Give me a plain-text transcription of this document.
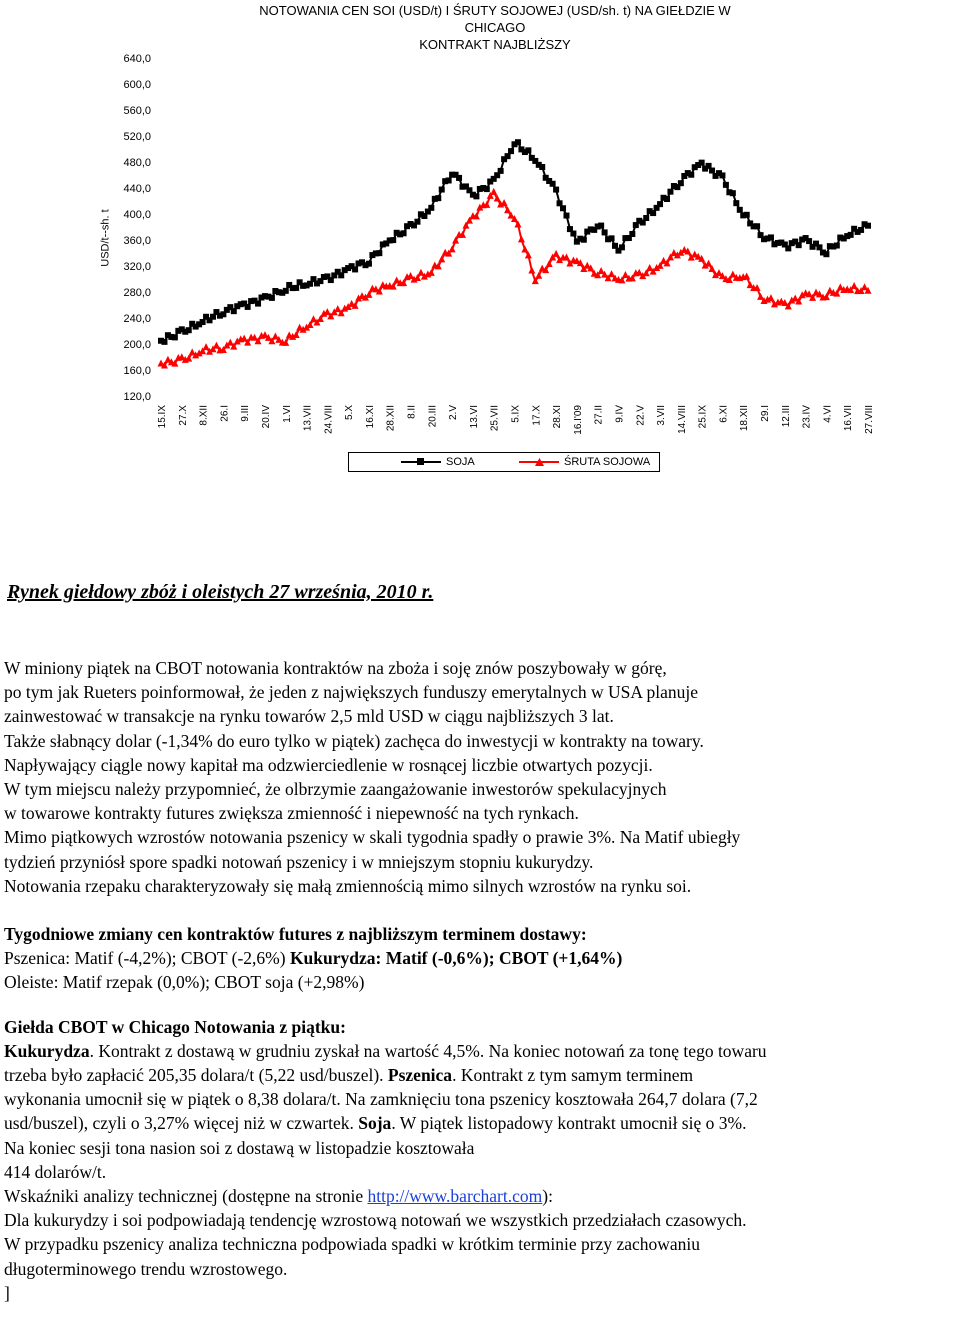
NOTOWANIA CEN SOI (USD/t) I ŚRUTY SOJOWEJ (USD/sh. t) NA GIEŁDZIE W
CHICAGO
KONTRAKT NAJBLIŻSZY
USD/t--sh. t
640,0
600,0
560,0
520,0
480,0
440,0
400,0
360,0
320,0
280,0
240,0
200,0
160,0
120,0
15.IX 27.X 8.XII 26.I 9.III 20.IV 1.VI 13.VII 24.VIII 5.X 16.XI 28.XII 8.II 20.III 2.V 13.VI 25.VII 5.IX 17.X 28.XI 16.I'09 27.II 9.IV 22.V 3.VII 14.VIII 25.IX 6.XI 18.XII 29.I 12.III 23.IV 4.VI 16.VII 27.VIII
SOJA	ŚRUTA SOJOWA
Rynek giełdowy zbóż i oleistych 27 września, 2010 r.

W miniony piątek na CBOT notowania kontraktów na zboża i soję znów poszybowały w górę,

po tym jak Rueters poinformował, że jeden z największych funduszy emerytalnych w USA planuje

zainwestować w transakcje na rynku towarów 2,5 mld USD w ciągu najbliższych 3 lat.

Także słabnący dolar (-1,34% do euro tylko w piątek) zachęca do inwestycji w kontrakty na towary.

Napływający ciągle nowy kapitał ma odzwierciedlenie w rosnącej liczbie otwartych pozycji.

W tym miejscu należy przypomnieć, że olbrzymie zaangażowanie inwestorów spekulacyjnych

w towarowe kontrakty futures zwiększa zmienność i niepewność na tych rynkach.

Mimo piątkowych wzrostów notowania pszenicy w skali tygodnia spadły o prawie 3%. Na Matif ubiegły

tydzień przyniósł spore spadki notowań pszenicy i w mniejszym stopniu kukurydzy.

Notowania rzepaku charakteryzowały się małą zmiennością mimo silnych wzrostów na rynku soi.

Tygodniowe zmiany cen kontraktów futures z najbliższym terminem dostawy:

Pszenica: Matif (-4,2%); CBOT (-2,6%) Kukurydza: Matif (-0,6%); CBOT (+1,64%)

Oleiste: Matif rzepak (0,0%); CBOT soja (+2,98%)

Giełda CBOT w Chicago Notowania z piątku:

Kukurydza. Kontrakt z dostawą w grudniu zyskał na wartość 4,5%. Na koniec notowań za tonę tego towaru

trzeba było zapłacić 205,35 dolara/t (5,22 usd/buszel). Pszenica. Kontrakt z tym samym terminem

wykonania umocnił się w piątek o 8,38 dolara/t. Na zamknięciu tona pszenicy kosztowała 264,7 dolara (7,2

usd/buszel), czyli o 3,27% więcej niż w czwartek. Soja. W piątek listopadowy kontrakt umocnił się o 3%.

Na koniec sesji tona nasion soi z dostawą w listopadzie kosztowała

414 dolarów/t.

Wskaźniki analizy technicznej (dostępne na stronie http://www.barchart.com):

Dla kukurydzy i soi podpowiadają tendencję wzrostową notowań we wszystkich przedziałach czasowych.

W przypadku pszenicy analiza techniczna podpowiada spadki w krótkim terminie przy zachowaniu

długoterminowego trendu wzrostowego.

]
